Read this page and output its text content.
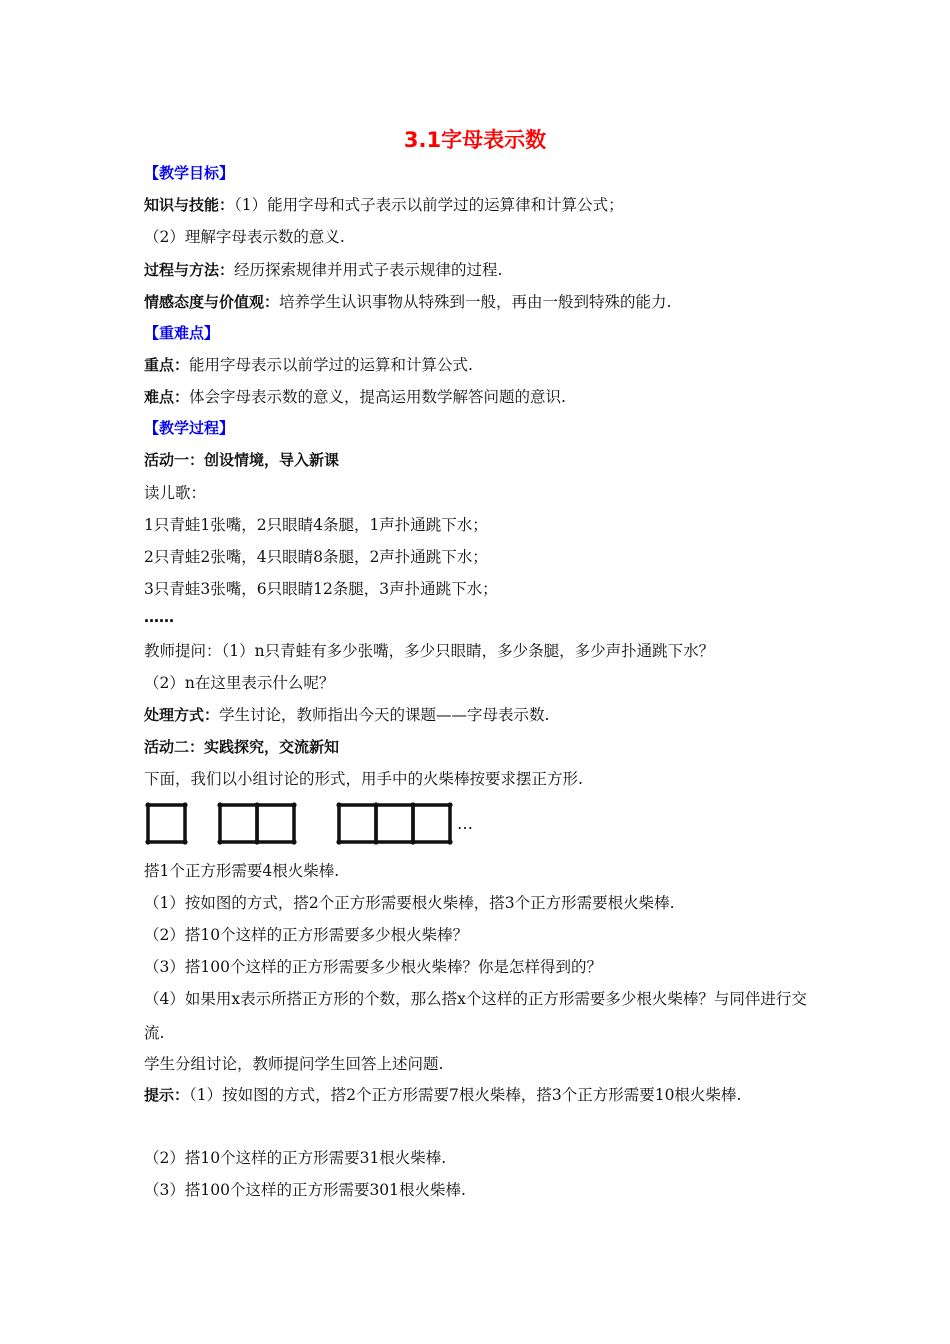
3.1字母表示数
【教学目标】
知识与技能：（1）能用字母和式子表示以前学过的运算律和计算公式；
（2）理解字母表示数的意义.
过程与方法：经历探索规律并用式子表示规律的过程.
情感态度与价值观：培养学生认识事物从特殊到一般，再由一般到特殊的能力.
【重难点】
重点：能用字母表示以前学过的运算和计算公式.
难点：体会字母表示数的意义，提高运用数学解答问题的意识.
【教学过程】
活动一：创设情境，导入新课
读儿歌：
1只青蛙1张嘴，2只眼睛4条腿，1声扑通跳下水；
2只青蛙2张嘴，4只眼睛8条腿，2声扑通跳下水；
3只青蛙3张嘴，6只眼睛12条腿，3声扑通跳下水；
……
教师提问：（1）n只青蛙有多少张嘴，多少只眼睛，多少条腿，多少声扑通跳下水？
（2）n在这里表示什么呢？
处理方式：学生讨论，教师指出今天的课题——字母表示数.
活动二：实践探究，交流新知
下面，我们以小组讨论的形式，用手中的火柴棒按要求摆正方形.
…
搭1个正方形需要4根火柴棒.
（1）按如图的方式，搭2个正方形需要根火柴棒，搭3个正方形需要根火柴棒.
（2）搭10个这样的正方形需要多少根火柴棒？
（3）搭100个这样的正方形需要多少根火柴棒？你是怎样得到的？
（4）如果用x表示所搭正方形的个数，那么搭x个这样的正方形需要多少根火柴棒？与同伴进行交流.
学生分组讨论，教师提问学生回答上述问题.
提示：（1）按如图的方式，搭2个正方形需要7根火柴棒，搭3个正方形需要10根火柴棒.
（2）搭10个这样的正方形需要31根火柴棒.
（3）搭100个这样的正方形需要301根火柴棒.
